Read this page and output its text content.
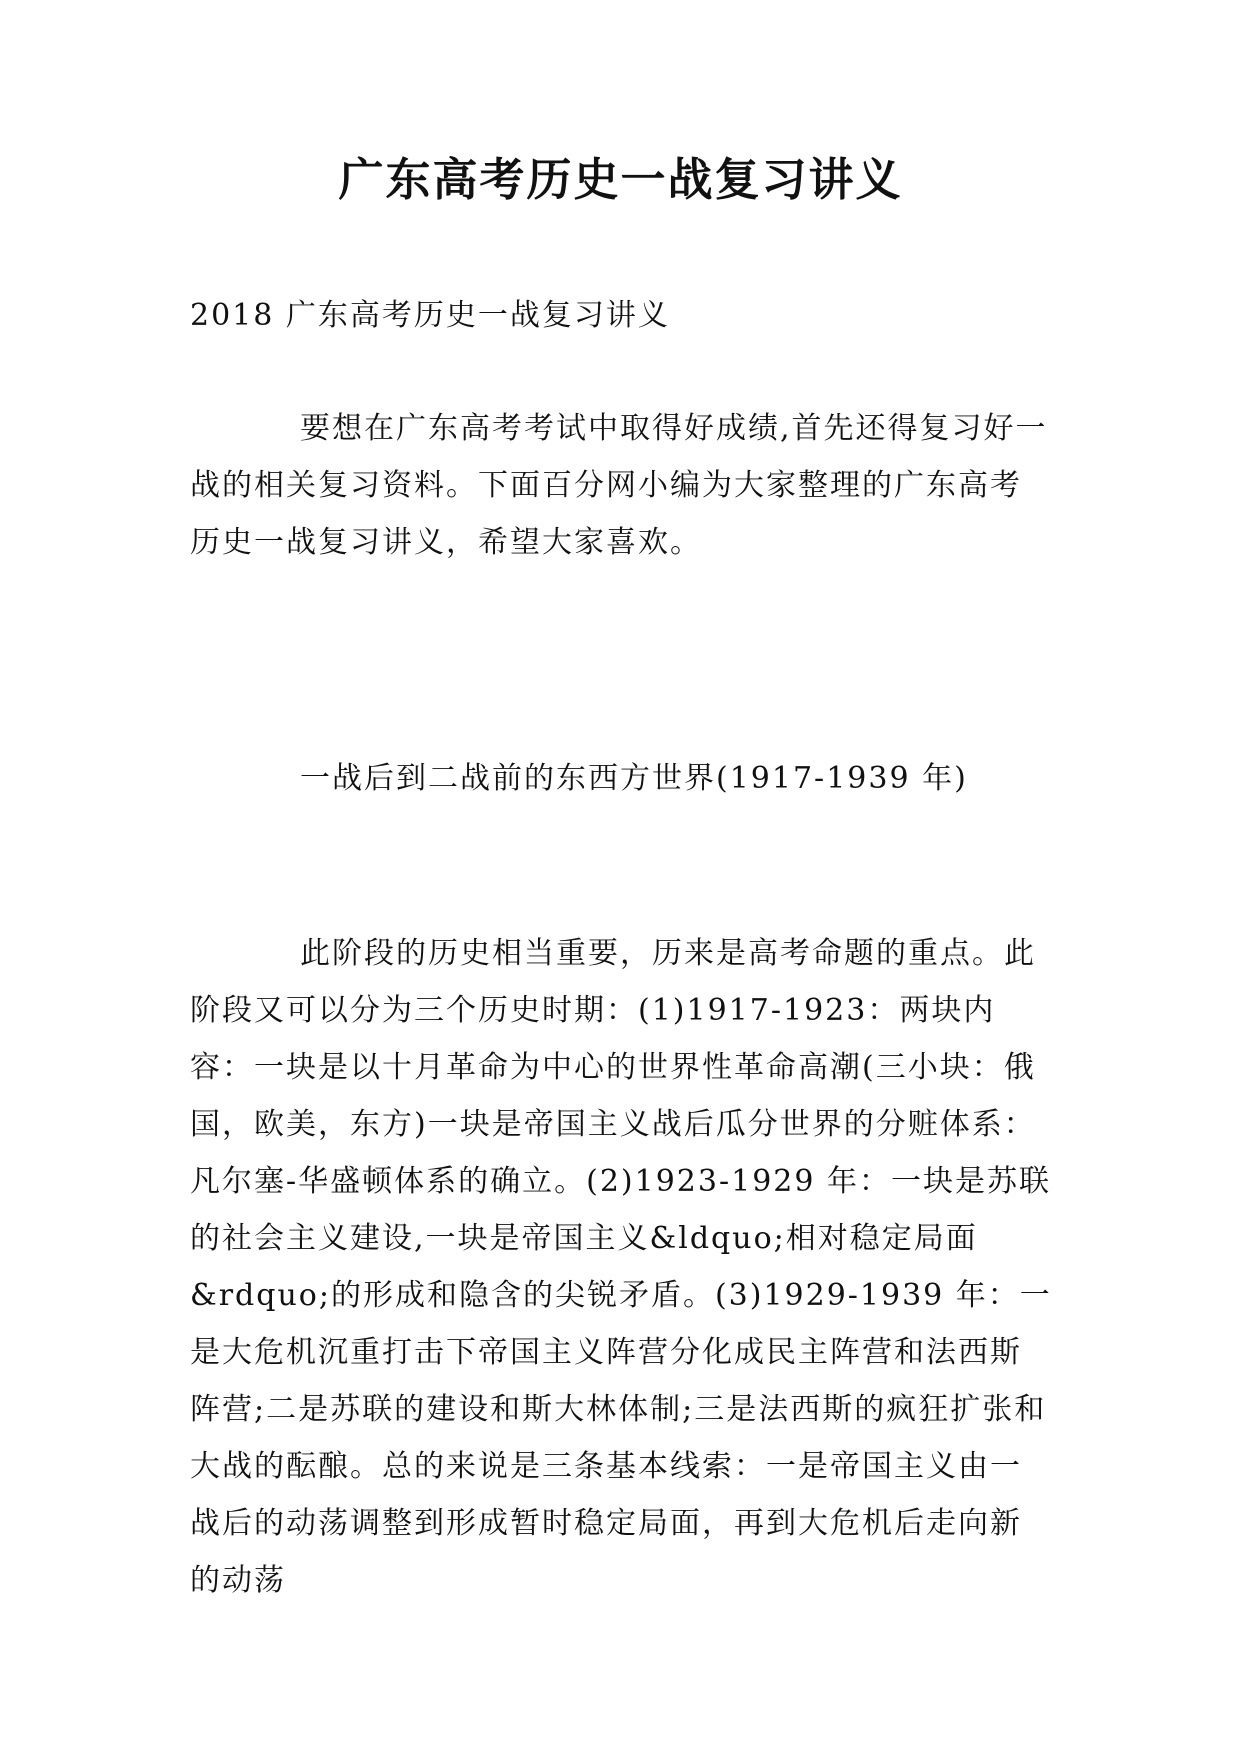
广东高考历史一战复习讲义
2018 广东高考历史一战复习讲义
要想在广东高考考试中取得好成绩,首先还得复习好一战的相关复习资料。下面百分网小编为大家整理的广东高考历史一战复习讲义，希望大家喜欢。
一战后到二战前的东西方世界(1917-1939 年)
此阶段的历史相当重要，历来是高考命题的重点。此阶段又可以分为三个历史时期：(1)1917-1923：两块内容：一块是以十月革命为中心的世界性革命高潮(三小块：俄国，欧美，东方)一块是帝国主义战后瓜分世界的分赃体系：凡尔塞-华盛顿体系的确立。(2)1923-1929 年：一块是苏联的社会主义建设,一块是帝国主义&ldquo;相对稳定局面&rdquo;的形成和隐含的尖锐矛盾。(3)1929-1939 年：一是大危机沉重打击下帝国主义阵营分化成民主阵营和法西斯阵营;二是苏联的建设和斯大林体制;三是法西斯的疯狂扩张和大战的酝酿。总的来说是三条基本线索：一是帝国主义由一战后的动荡调整到形成暂时稳定局面，再到大危机后走向新的动荡
